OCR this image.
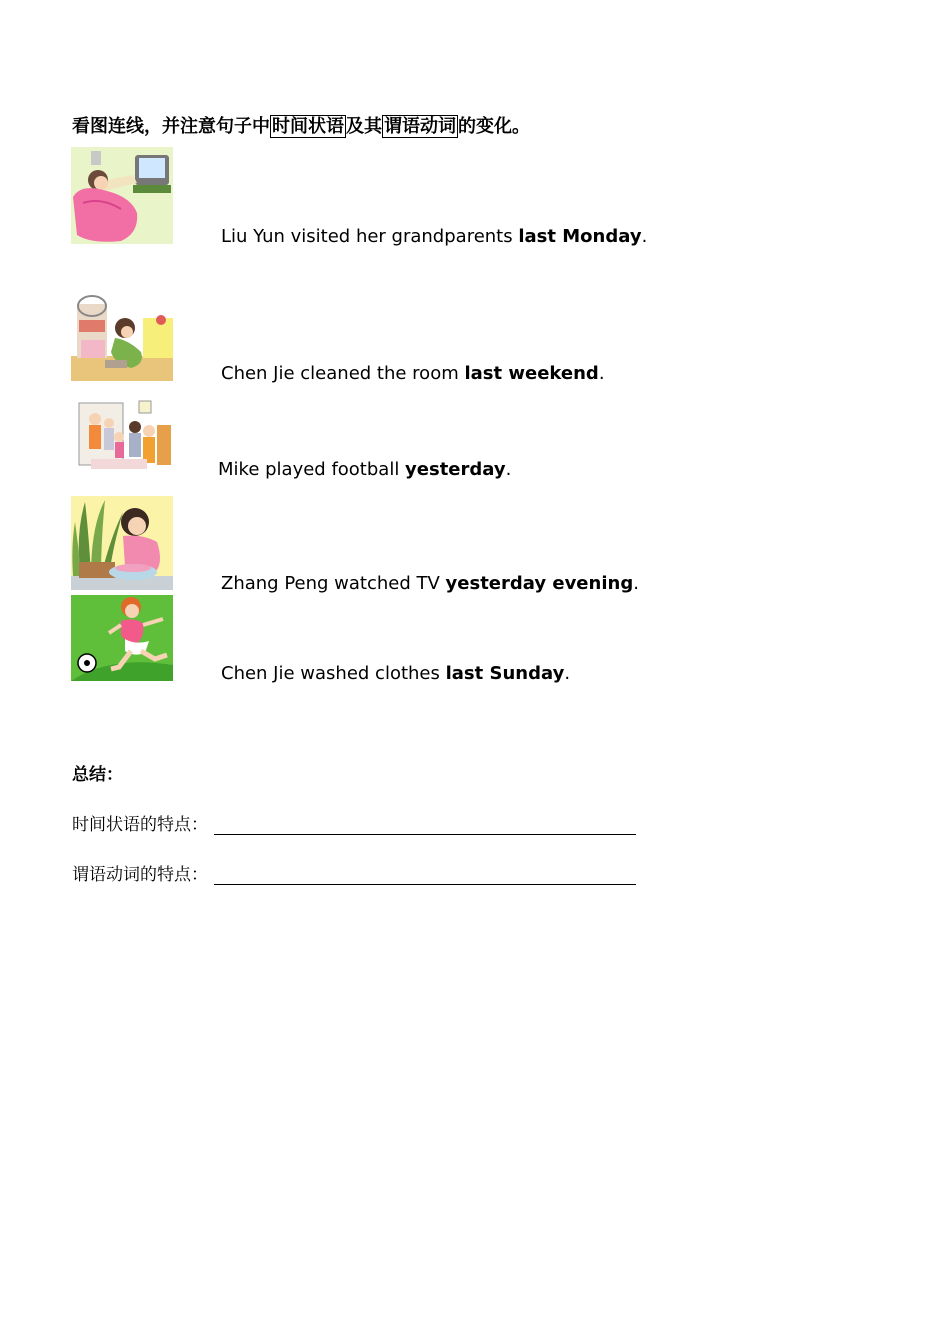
看图连线，并注意句子中 时间状语 及其 谓语动词 的变化。
Liu Yun visited her grandparents last Monday.
Chen Jie cleaned the room last weekend.
Mike played football yesterday.
Zhang Peng watched TV yesterday evening.
Chen Jie washed clothes last Sunday.
总结：
时间状语的特点：
谓语动词的特点：
